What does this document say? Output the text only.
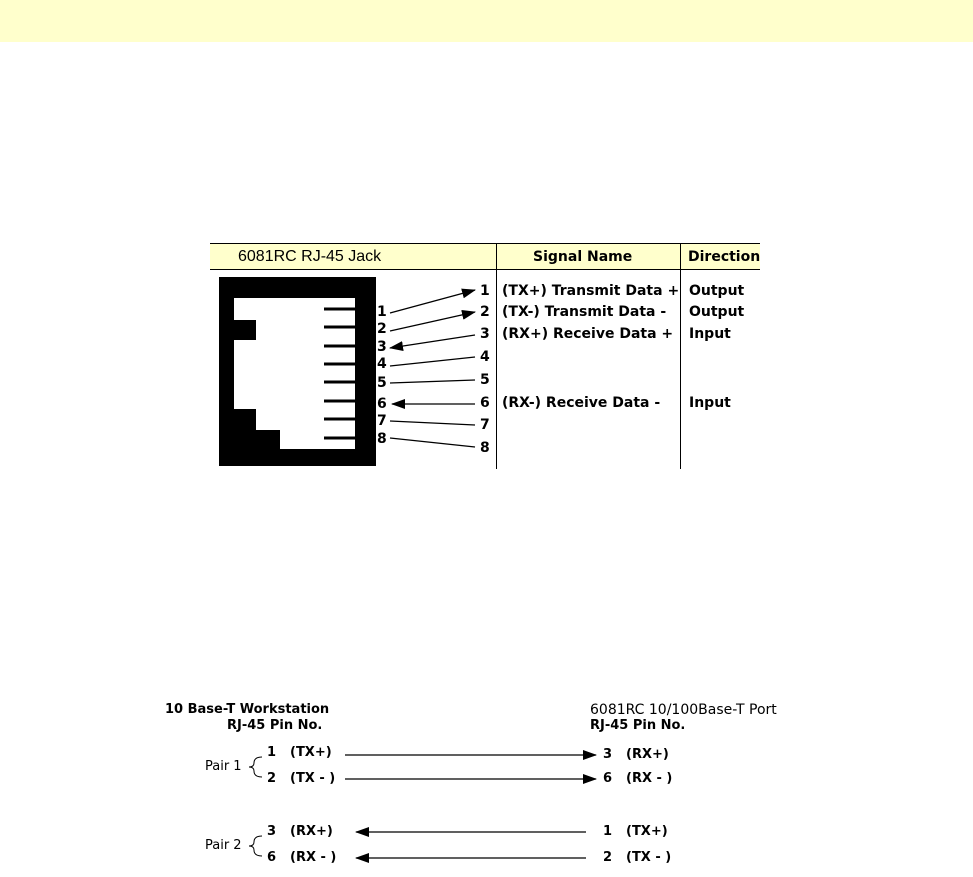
6081RC RJ-45 Jack	Signal Name	Direction
1
2
3
4
5
6
7
8
1
2
3
4
5
6
7
8
(TX+) Transmit Data +
(TX-) Transmit Data -
(RX+) Receive Data +
(RX-) Receive Data -
Output
Output
Input
Input
10 Base-T Workstation
RJ-45 Pin No.
6081RC 10/100Base-T Port
RJ-45 Pin No.
Pair 1
Pair 2
1 (TX+)
2 (TX - )
3 (RX+)
6 (RX - )
3 (RX+)
6 (RX - )
1 (TX+)
2 (TX - )
